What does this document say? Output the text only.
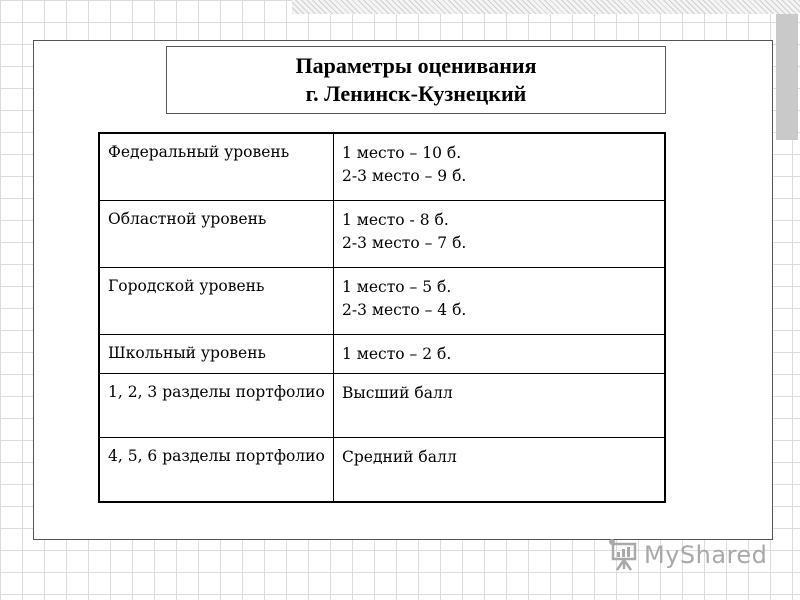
Параметры оценивания
г. Ленинск-Кузнецкий
Федеральный уровень	1 место – 10 б.
2-3 место – 9 б.

Областной уровень	1 место - 8 б.
2-3 место – 7 б.

Городской уровень	1 место – 5 б.
2-3 место – 4 б.

Школьный уровень	1 место – 2 б.

1, 2, 3 разделы портфолио	Высший балл

4, 5, 6 разделы портфолио	Средний балл
MyShared
